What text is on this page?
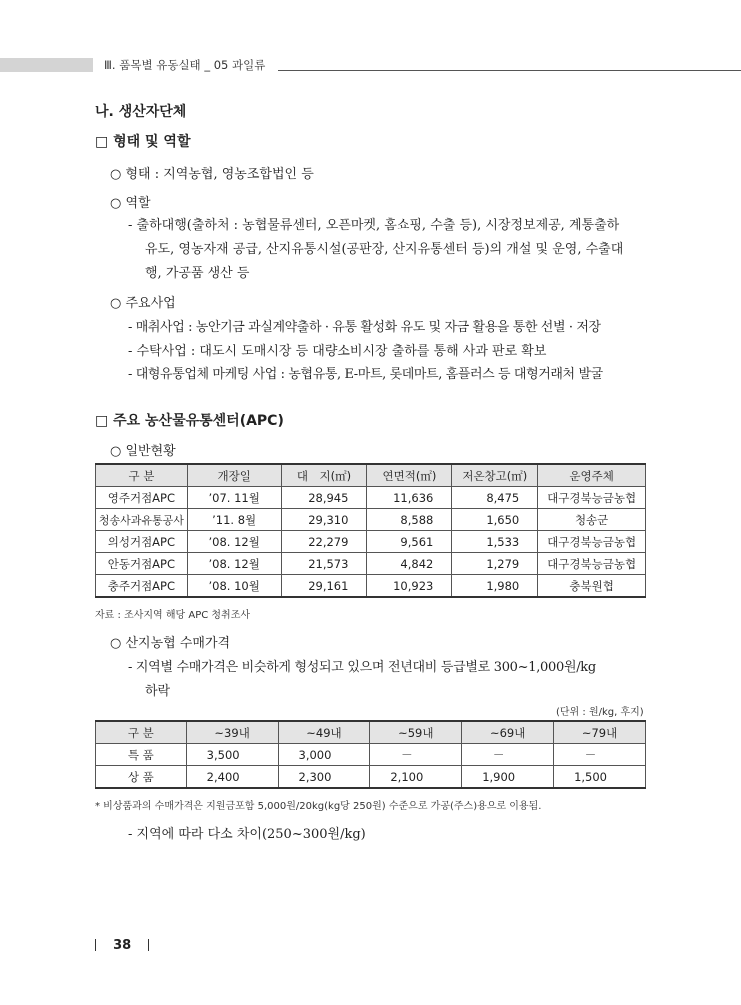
Ⅲ. 품목별 유동실태 _ 05 과일류
나. 생산자단체
□ 형태 및 역할
○ 형태 : 지역농협, 영농조합법인 등
○ 역할
- 출하대행(출하처 : 농협물류센터, 오픈마켓, 홈쇼핑, 수출 등), 시장정보제공, 계통출하
유도, 영농자재 공급, 산지유통시설(공판장, 산지유통센터 등)의 개설 및 운영, 수출대
행, 가공품 생산 등
○ 주요사업
- 매취사업 : 농안기금 과실계약출하 · 유통 활성화 유도 및 자금 활용을 통한 선별 · 저장
- 수탁사업 : 대도시 도매시장 등 대량소비시장 출하를 통해 사과 판로 확보
- 대형유통업체 마케팅 사업 : 농협유통, E-마트, 롯데마트, 홈플러스 등 대형거래처 발굴
□ 주요 농산물유통센터(APC)
○ 일반현황
구 분	개장일	대　지(㎡)	연면적(㎡)	저온창고(㎡)	운영주체
영주거점APC	’07. 11월	28,945	11,636	8,475	대구경북능금농협
청송사과유통공사	’11. 8월	29,310	8,588	1,650	청송군
의성거점APC	’08. 12월	22,279	9,561	1,533	대구경북능금농협
안동거점APC	’08. 12월	21,573	4,842	1,279	대구경북능금농협
충주거점APC	’08. 10월	29,161	10,923	1,980	충북원협
자료 : 조사지역 해당 APC 청취조사
○ 산지농협 수매가격
- 지역별 수매가격은 비슷하게 형성되고 있으며 전년대비 등급별로 300~1,000원/kg
하락
(단위 : 원/kg, 후지)
구 분	~39내	~49내	~59내	~69내	~79내
특 품	3,500	3,000	－	－	－
상 품	2,400	2,300	2,100	1,900	1,500
* 비상품과의 수매가격은 지원금포함 5,000원/20kg(kg당 250원) 수준으로 가공(주스)용으로 이용됨.
- 지역에 따라 다소 차이(250~300원/kg)
38
